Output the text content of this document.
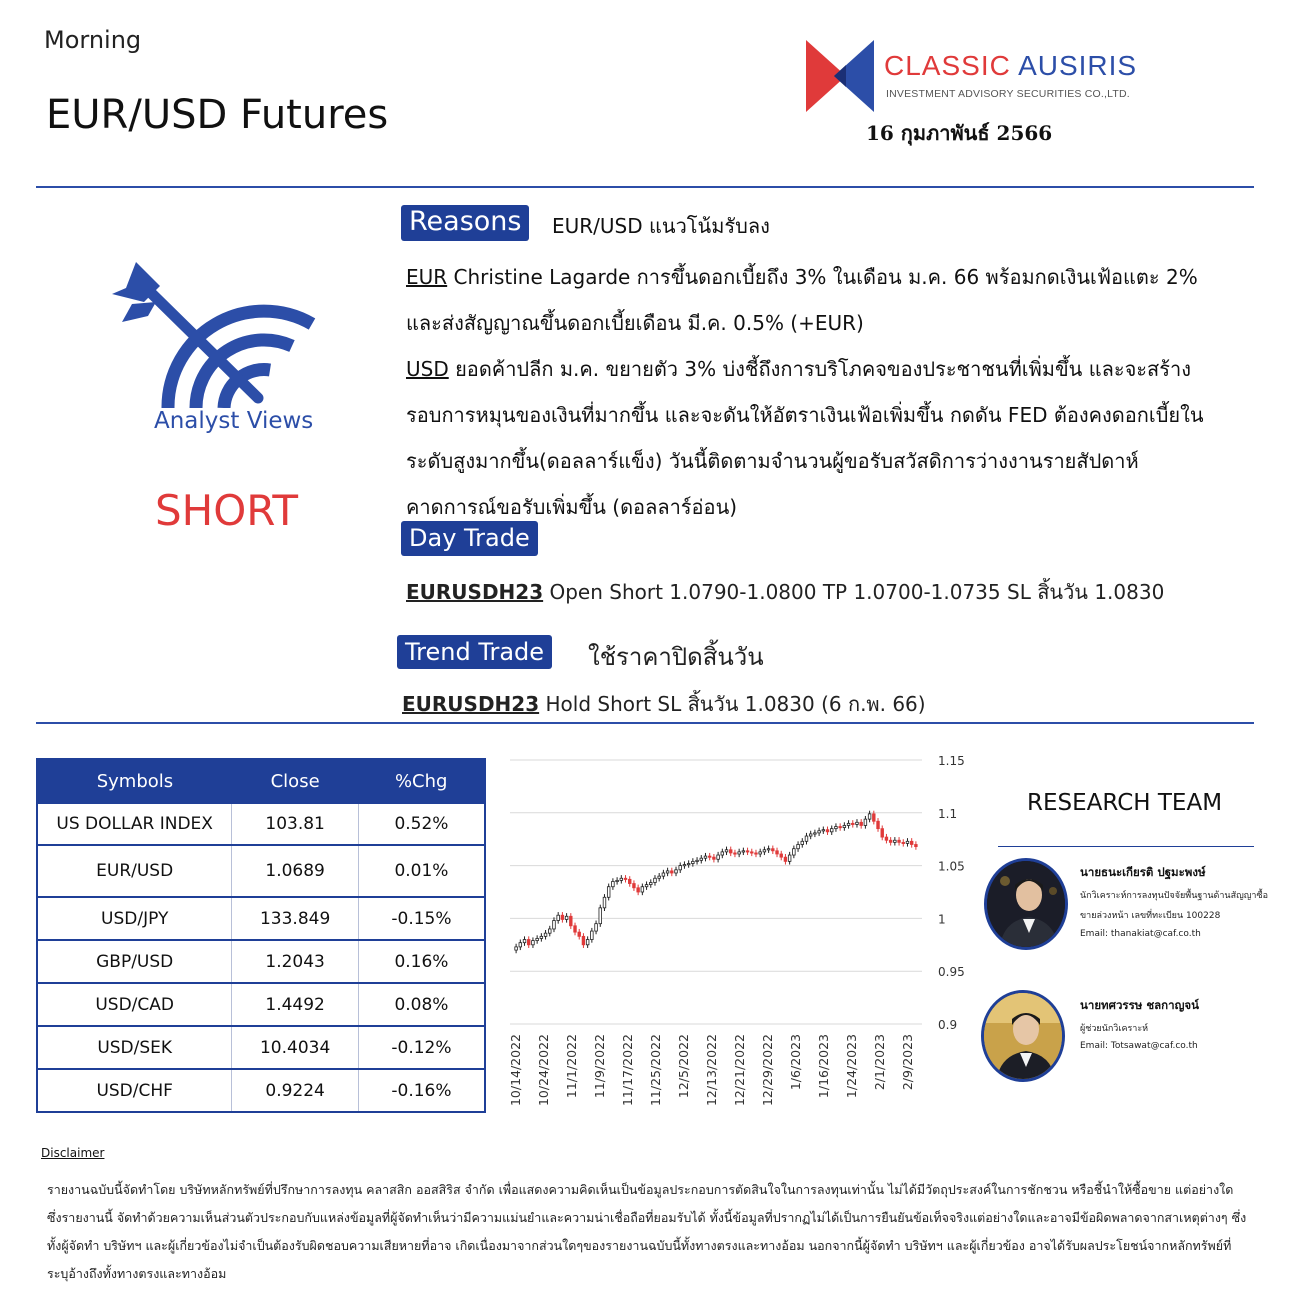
Morning
EUR/USD Futures
CLASSIC AUSIRIS
INVESTMENT ADVISORY SECURITIES CO.,LTD.
16 กุมภาพันธ์ 2566
Analyst Views
SHORT
Reasons	EUR/USD แนวโน้มรับลง
EUR Christine Lagarde การขึ้นดอกเบี้ยถึง 3% ในเดือน ม.ค. 66 พร้อมกดเงินเฟ้อแตะ 2%
และส่งสัญญาณขึ้นดอกเบี้ยเดือน มี.ค. 0.5% (+EUR)
USD ยอดค้าปลีก ม.ค. ขยายตัว 3% บ่งชี้ถึงการบริโภคจของประชาชนที่เพิ่มขึ้น และจะสร้าง
รอบการหมุนของเงินที่มากขึ้น และจะดันให้อัตราเงินเฟ้อเพิ่มขึ้น กดดัน FED ต้องคงดอกเบี้ยใน
ระดับสูงมากขึ้น(ดอลลาร์แข็ง) วันนี้ติดตามจำนวนผู้ขอรับสวัสดิการว่างงานรายสัปดาห์
คาดการณ์ขอรับเพิ่มขึ้น (ดอลลาร์อ่อน)
Day Trade
EURUSDH23 Open Short 1.0790-1.0800 TP 1.0700-1.0735 SL สิ้นวัน 1.0830
Trend Trade	ใช้ราคาปิดสิ้นวัน
EURUSDH23 Hold Short SL สิ้นวัน 1.0830 (6 ก.พ. 66)
Symbols	Close	%Chg
US DOLLAR INDEX	103.81	0.52%
EUR/USD	1.0689	0.01%
USD/JPY	133.849	-0.15%
GBP/USD	1.2043	0.16%
USD/CAD	1.4492	0.08%
USD/SEK	10.4034	-0.12%
USD/CHF	0.9224	-0.16%
1.15
1.1
1.05
1
0.95
0.9
10/14/2022 10/24/2022 11/1/2022 11/9/2022 11/17/2022 11/25/2022 12/5/2022 12/13/2022 12/21/2022 12/29/2022 1/6/2023 1/16/2023 1/24/2023 2/1/2023 2/9/2023
RESEARCH TEAM
นายธนะเกียรติ ปฐมะพงษ์
นักวิเคราะห์การลงทุนปัจจัยพื้นฐานด้านสัญญาซื้อ
ขายล่วงหน้า เลขที่ทะเบียน 100228
Email: thanakiat@caf.co.th
นายทศวรรษ ชลกาญจน์
ผู้ช่วยนักวิเคราะห์
Email: Totsawat@caf.co.th
Disclaimer
รายงานฉบับนี้จัดทำโดย บริษัทหลักทรัพย์ที่ปรึกษาการลงทุน คลาสสิก ออสสิริส จำกัด เพื่อแสดงความคิดเห็นเป็นข้อมูลประกอบการตัดสินใจในการลงทุนเท่านั้น ไม่ได้มีวัตถุประสงค์ในการชักชวน หรือชี้นำให้ซื้อขาย แต่อย่างใด ซึ่งรายงานนี้ จัดทำด้วยความเห็นส่วนตัวประกอบกับแหล่งข้อมูลที่ผู้จัดทำเห็นว่ามีความแม่นยำและความน่าเชื่อถือที่ยอมรับได้ ทั้งนี้ข้อมูลที่ปรากฏไม่ได้เป็นการยืนยันข้อเท็จจริงแต่อย่างใดและอาจมีข้อผิดพลาดจากสาเหตุต่างๆ ซึ่งทั้งผู้จัดทำ บริษัทฯ และผู้เกี่ยวข้องไม่จำเป็นต้องรับผิดชอบความเสียหายที่อาจ เกิดเนื่องมาจากส่วนใดๆของรายงานฉบับนี้ทั้งทางตรงและทางอ้อม นอกจากนี้ผู้จัดทำ บริษัทฯ และผู้เกี่ยวข้อง อาจได้รับผลประโยชน์จากหลักทรัพย์ที่ระบุอ้างถึงทั้งทางตรงและทางอ้อม
